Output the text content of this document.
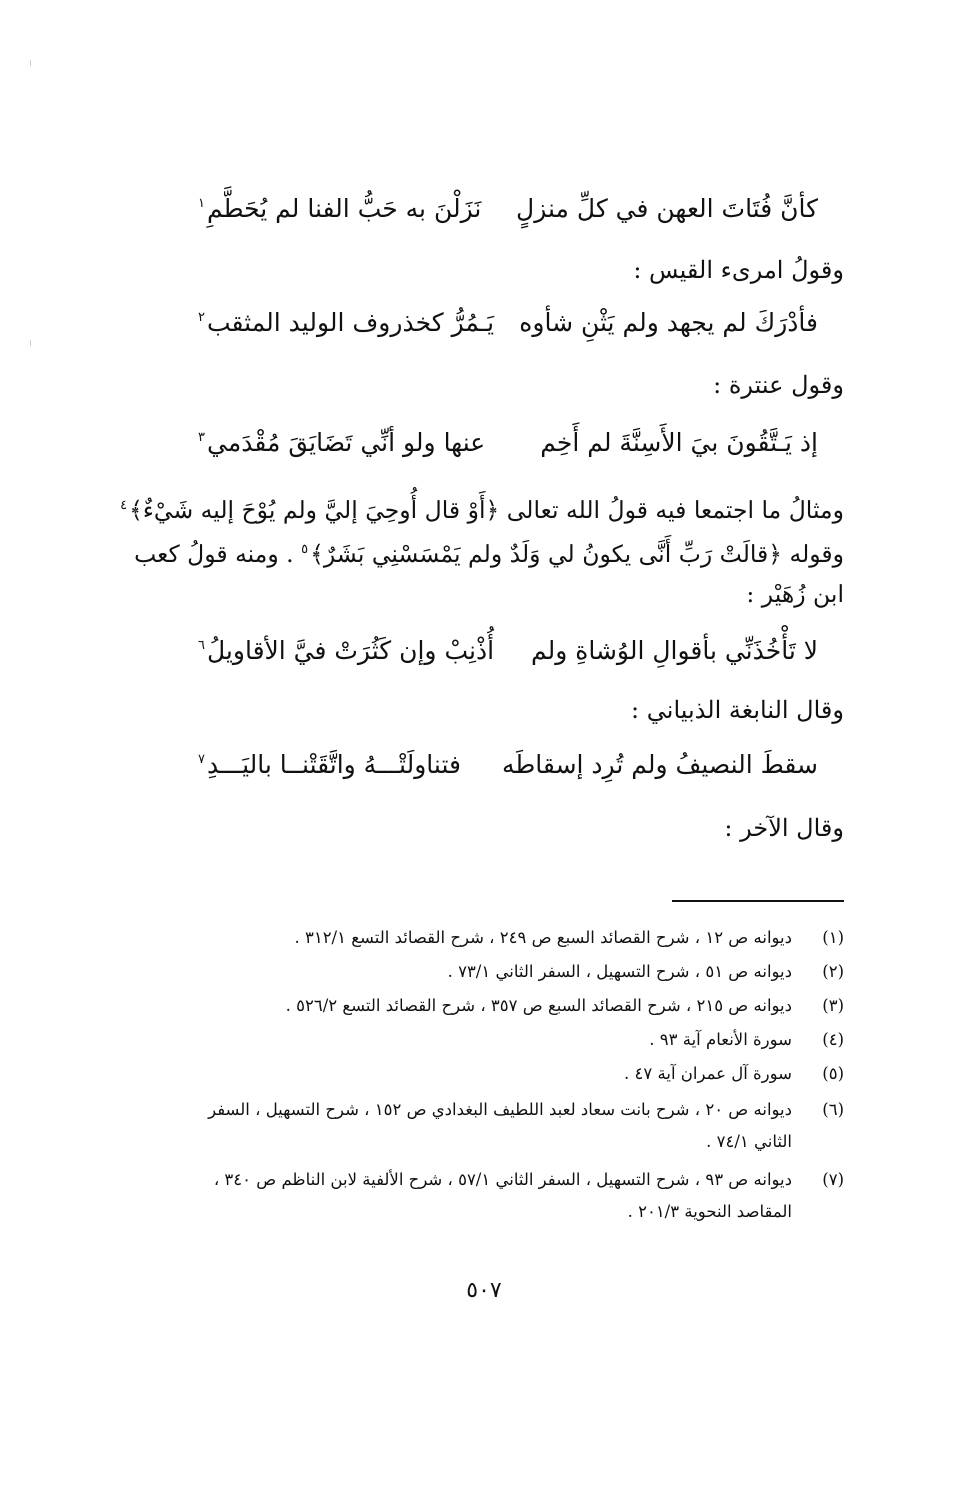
كأنَّ فُتَاتَ العهن في كلِّ منزلٍ
نَزَلْنَ به حَبُّ الفنا لم يُحَطَّمِ$^١$
وقولُ امرىء القيس :
فأدْرَكَ لم يجهد ولم يَثْنِ شأوه
يَـمُرُّ كخذروف الوليد المثقب$^٢$
وقول عنترة :
إذ يَـتَّقُونَ بيَ الأَسِنَّةَ لم أَخِم
عنها ولو أنِّي تَضَايَقَ مُقْدَمي$^٣$

ومثالُ ما اجتمعا فيه قولُ الله تعالى ﴿أَوْ قال أُوحِيَ إليَّ ولم يُوْحَ إليه شَيْءٌ﴾$^٤$

وقوله ﴿قالَتْ رَبِّ أَنَّى يكونُ لي وَلَدٌ ولم يَمْسَسْنِي بَشَرٌ﴾$^٥$ . ومنه قولُ كعب

ابن زُهَيْر :

لا تَأْخُذَنِّي بأقوالِ الوُشاةِ ولم
أُذْنِبْ وإن كَثُرَتْ فيَّ الأقاويلُ$^٦$
وقال النابغة الذبياني :
سقطَ النصيفُ ولم تُرِد إسقاطَه
فتناولَتْـــهُ واتَّقَتْنــا باليَـــدِ$^٧$
وقال الآخر :
(١)

ديوانه ص ١٢ ، شرح القصائد السبع ص ٢٤٩ ، شرح القصائد التسع ٣١٢/١ .

(٢)

ديوانه ص ٥١ ، شرح التسهيل ، السفر الثاني ٧٣/١ .

(٣)

ديوانه ص ٢١٥ ، شرح القصائد السبع ص ٣٥٧ ، شرح القصائد التسع ٥٢٦/٢ .

(٤)

سورة الأنعام آية ٩٣ .

(٥)

سورة آل عمران آية ٤٧ .

(٦)

ديوانه ص ٢٠ ، شرح بانت سعاد لعبد اللطيف البغدادي ص ١٥٢ ، شرح التسهيل ، السفر

الثاني ٧٤/١ .

(٧)

ديوانه ص ٩٣ ، شرح التسهيل ، السفر الثاني ٥٧/١ ، شرح الألفية لابن الناظم ص ٣٤٠ ،

المقاصد النحوية ٢٠١/٣ .

٥٠٧
